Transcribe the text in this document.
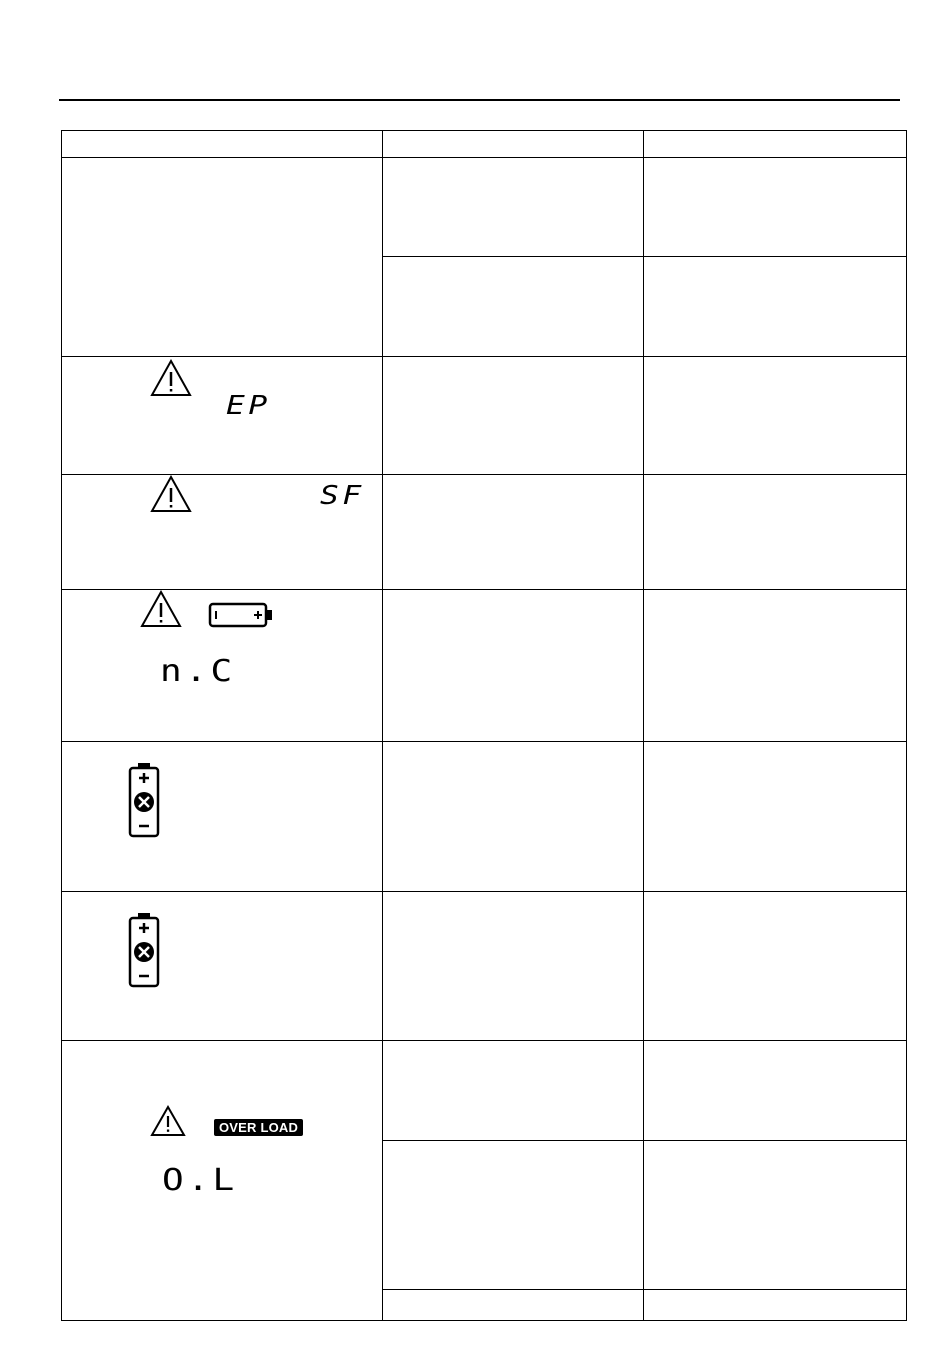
EP		

SF		

n.C		

OVER LOAD
O.L		
